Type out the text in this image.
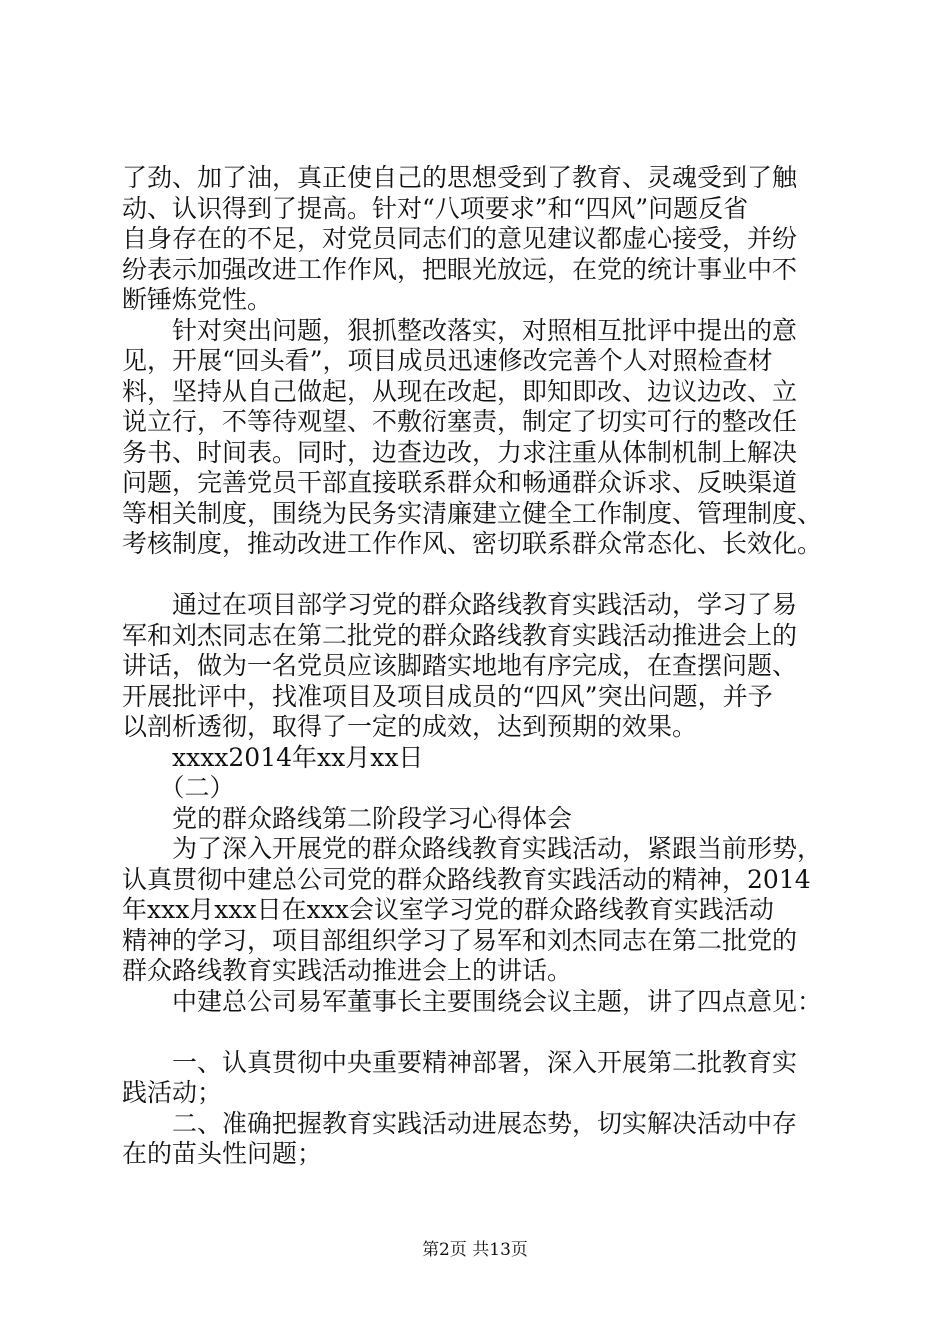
了劲、加了油，真正使自己的思想受到了教育、灵魂受到了触
动、认识得到了提高。针对“八项要求”和“四风”问题反省
自身存在的不足，对党员同志们的意见建议都虚心接受，并纷
纷表示加强改进工作作风，把眼光放远，在党的统计事业中不
断锤炼党性。
　　针对突出问题，狠抓整改落实，对照相互批评中提出的意
见，开展“回头看”，项目成员迅速修改完善个人对照检查材
料，坚持从自己做起，从现在改起，即知即改、边议边改、立
说立行，不等待观望、不敷衍塞责，制定了切实可行的整改任
务书、时间表。同时，边查边改，力求注重从体制机制上解决
问题，完善党员干部直接联系群众和畅通群众诉求、反映渠道
等相关制度，围绕为民务实清廉建立健全工作制度、管理制度、
考核制度，推动改进工作作风、密切联系群众常态化、长效化。
　　通过在项目部学习党的群众路线教育实践活动，学习了易
军和刘杰同志在第二批党的群众路线教育实践活动推进会上的
讲话，做为一名党员应该脚踏实地地有序完成，在查摆问题、
开展批评中，找准项目及项目成员的“四风”突出问题，并予
以剖析透彻，取得了一定的成效，达到预期的效果。
　　xxxx2014年xx月xx日
　　（二）
　　党的群众路线第二阶段学习心得体会
　　为了深入开展党的群众路线教育实践活动，紧跟当前形势，
认真贯彻中建总公司党的群众路线教育实践活动的精神，2014
年xxx月xxx日在xxx会议室学习党的群众路线教育实践活动
精神的学习，项目部组织学习了易军和刘杰同志在第二批党的
群众路线教育实践活动推进会上的讲话。
　　中建总公司易军董事长主要围绕会议主题，讲了四点意见：
　　一、认真贯彻中央重要精神部署，深入开展第二批教育实
践活动；
　　二、准确把握教育实践活动进展态势，切实解决活动中存
在的苗头性问题；
第2页 共13页
